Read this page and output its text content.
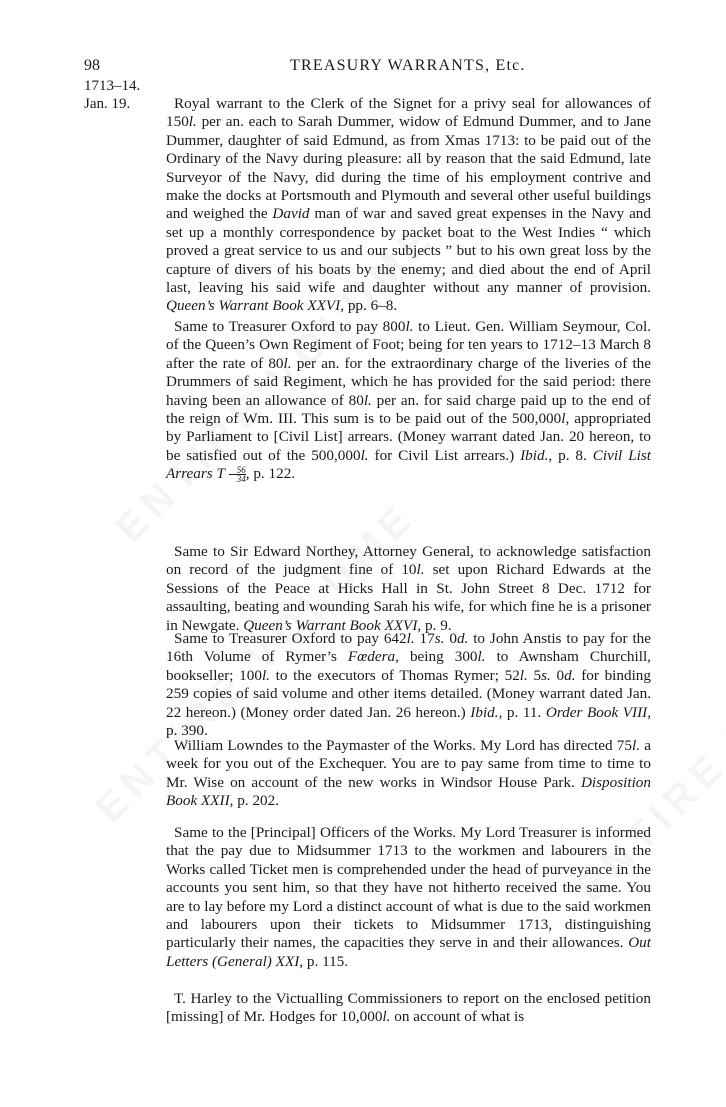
98	TREASURY WARRANTS, Etc.
1713–14.
Jan. 19.	Royal warrant to the Clerk of the Signet for a privy seal for allowances of 150l. per an. each to Sarah Dummer, widow of Edmund Dummer, and to Jane Dummer, daughter of said Edmund, as from Xmas 1713: to be paid out of the Ordinary of the Navy during pleasure: all by reason that the said Edmund, late Surveyor of the Navy, did during the time of his employment contrive and make the docks at Portsmouth and Plymouth and several other useful buildings and weighed the David man of war and saved great expenses in the Navy and set up a monthly correspondence by packet boat to the West Indies “ which proved a great service to us and our subjects ” but to his own great loss by the capture of divers of his boats by the enemy; and died about the end of April last, leaving his said wife and daughter without any manner of provision. Queen’s Warrant Book XXVI, pp. 6–8.

Same to Treasurer Oxford to pay 800l. to Lieut. Gen. William Seymour, Col. of the Queen’s Own Regiment of Foot; being for ten years to 1712–13 March 8 after the rate of 80l. per an. for the extraordinary charge of the liveries of the Drummers of said Regiment, which he has provided for the said period: there having been an allowance of 80l. per an. for said charge paid up to the end of the reign of Wm. III. This sum is to be paid out of the 500,000l, appropriated by Parliament to [Civil List] arrears. (Money warrant dated Jan. 20 hereon, to be satisfied out of the 500,000l. for Civil List arrears.) Ibid., p. 8. Civil List Arrears T $\frac{56}{34}$ , p. 122.

Same to Sir Edward Northey, Attorney General, to acknowledge satisfaction on record of the judgment fine of 10l. set upon Richard Edwards at the Sessions of the Peace at Hicks Hall in St. John Street 8 Dec. 1712 for assaulting, beating and wounding Sarah his wife, for which fine he is a prisoner in Newgate. Queen’s Warrant Book XXVI, p. 9.

Same to Treasurer Oxford to pay 642l. 17s. 0d. to John Anstis to pay for the 16th Volume of Rymer’s Fœdera, being 300l. to Awnsham Churchill, bookseller; 100l. to the executors of Thomas Rymer; 52l. 5s. 0d. for binding 259 copies of said volume and other items detailed. (Money warrant dated Jan. 22 hereon.) (Money order dated Jan. 26 hereon.) Ibid., p. 11. Order Book VIII, p. 390.

William Lowndes to the Paymaster of the Works. My Lord has directed 75l. a week for you out of the Exchequer. You are to pay same from time to time to Mr. Wise on account of the new works in Windsor House Park. Disposition Book XXII, p. 202.

Same to the [Principal] Officers of the Works. My Lord Treasurer is informed that the pay due to Midsummer 1713 to the workmen and labourers in the Works called Ticket men is comprehended under the head of purveyance in the accounts you sent him, so that they have not hitherto received the same. You are to lay before my Lord a distinct account of what is due to the said workmen and labourers upon their tickets to Midsummer 1713, distinguishing particularly their names, the capacities they serve in and their allowances. Out Letters (General) XXI, p. 115.

T. Harley to the Victualling Commissioners to report on the enclosed petition [missing] of Mr. Hodges for 10,000l. on account of what is
